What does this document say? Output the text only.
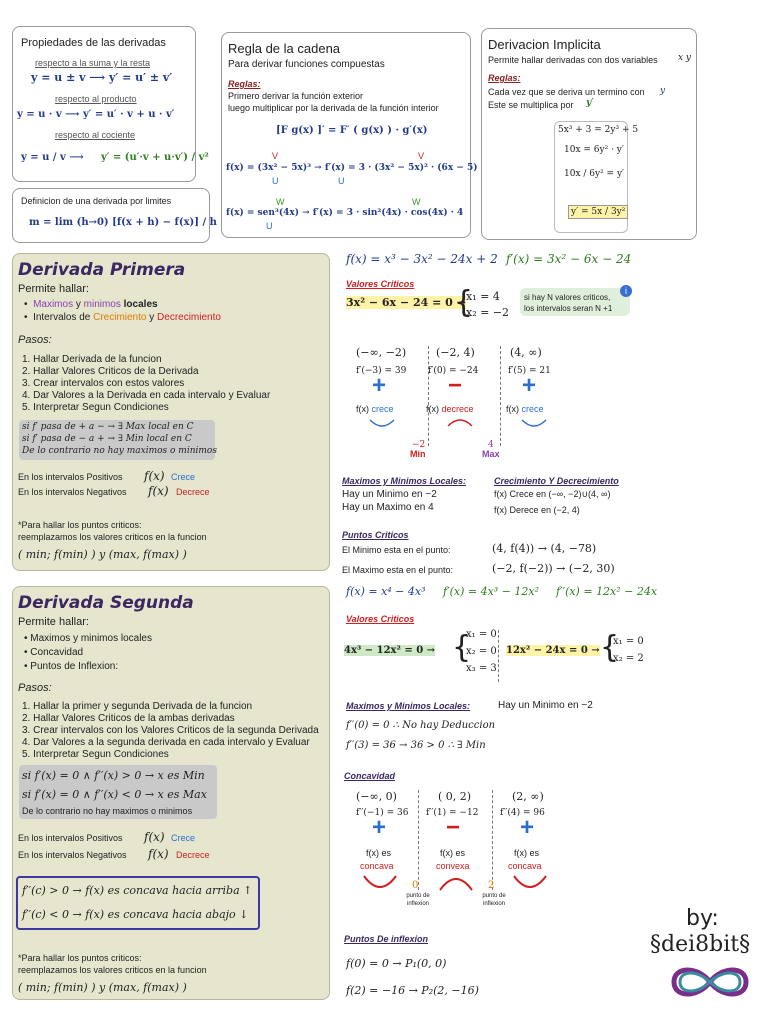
Propiedades de las derivadas
respecto a la suma y la resta
y = u ± v ⟶ y′ = u′ ± v′
respecto al producto
y = u · v ⟶ y′ = u′ · v + u · v′
respecto al cociente
y = u / v ⟶ y′ = (u′·v + u·v′) / v²
Definicion de una derivada por limites
m = lim (h→0) [f(x + h) − f(x)] / h
Regla de la cadena
Para derivar funciones compuestas
Reglas:
Primero derivar la función exterior
luego multiplicar por la derivada de la función interior
[F g(x) ]′ = F′ ( g(x) ) · g′(x)
V	V
f(x) = (3x² − 5x)³ → f′(x) = 3 · (3x² − 5x)² · (6x − 5)
U	U
W	W
f(x) = sen³(4x) → f′(x) = 3 · sin²(4x) · cos(4x) · 4
U
Derivacion Implicita
Permite hallar derivadas con dos variables x y
Reglas:
Cada vez que se deriva un termino con y
Este se multiplica por y′
5x³ + 3 = 2y³ + 5
10x = 6y² · y′
10x / 6y² = y′
y′ = 5x / 3y²
Derivada Primera
Permite hallar:
•  Maximos y minimos locales
•  Intervalos de Crecimiento y Decrecimiento
Pasos:
1. Hallar Derivada de la funcion
2. Hallar Valores Criticos de la Derivada
3. Crear intervalos con estos valores
4. Dar Valores a la Derivada en cada intervalo y Evaluar
5. Interpretar Segun Condiciones
si f′ pasa de + a − → ∃ Max local en C
si f′ pasa de − a + → ∃ Min local en C
De lo contrario no hay maximos o minimos
En los intervalos Positivos f(x) Crece
En los intervalos Negativos f(x) Decrece
*Para hallar los puntos criticos:
reemplazamos los valores criticos en la funcion
( min; f(min) ) y (max, f(max) )
f(x) = x³ − 3x² − 24x + 2 f′(x) = 3x² − 6x − 24
Valores Criticos
3x² − 6x − 24 = 0 →
{
x₁ = 4
x₂ = −2
i
si hay N valores criticos,
los intervalos seran N +1
(−∞, −2)	(−2, 4)	(4, ∞)
f′(−3) = 39 f′(0) = −24	f′(5) = 21
+	− +
f(x) crece	f(x) decrece	f(x) crece
−2
Min
4
Max
Maximos y Minimos Locales:
Hay un Minimo en −2
Hay un Maximo en 4
Crecimiento Y Decrecimiento
f(x) Crece en (−∞, −2)∪(4, ∞)
f(x) Derece en (−2, 4)
Puntos Criticos
El Minimo esta en el punto:	(4, f(4)) → (4, −78)
El Maximo esta en el punto:	(−2, f(−2)) → (−2, 30)
Derivada Segunda
Permite hallar:
• Maximos y minimos locales
• Concavidad
• Puntos de Inflexion:
Pasos:
1. Hallar la primer y segunda Derivada de la funcion
2. Hallar Valores Criticos de la ambas derivadas
3. Crear intervalos con los Valores Criticos de la segunda Derivada
4. Dar Valores a la segunda derivada en cada intervalo y Evaluar
5. Interpretar Segun Condiciones
si f′(x) = 0 ∧ f′′(x) > 0 → x es Min
si f′(x) = 0 ∧ f′′(x) < 0 → x es Max
De lo contrario no hay maximos o minimos
En los intervalos Positivos f(x) Crece
En los intervalos Negativos f(x) Decrece
f′′(c) > 0 → f(x) es concava hacia arriba ↑
f′′(c) < 0 → f(x) es concava hacia abajo ↓
*Para hallar los puntos criticos:
reemplazamos los valores criticos en la funcion
( min; f(min) ) y (max, f(max) )
f(x) = x⁴ − 4x³ f′(x) = 4x³ − 12x² f′′(x) = 12x² − 24x
Valores Criticos
4x³ − 12x² = 0 → {
x₁ = 0
x₂ = 0
x₃ = 3
12x² − 24x = 0 → {
x₁ = 0
x₂ = 2
Maximos y Minimos Locales:	Hay un Minimo en −2
f′′(0) = 0 ∴ No hay Deduccion
f′′(3) = 36 → 36 > 0 ∴ ∃ Min
Concavidad
(−∞, 0)	( 0, 2)	(2, ∞)
f′′(−1) = 36 f′′(1) = −12 f′′(4) = 96
+ − +
f(x) es
concava
f(x) es
convexa
f(x) es
concava
0
punto de inflexion
2
punto de inflexion
Puntos De inflexion
f(0) = 0 → P₁(0, 0)
f(2) = −16 → P₂(2, −16)
by:
§dei8bit§
